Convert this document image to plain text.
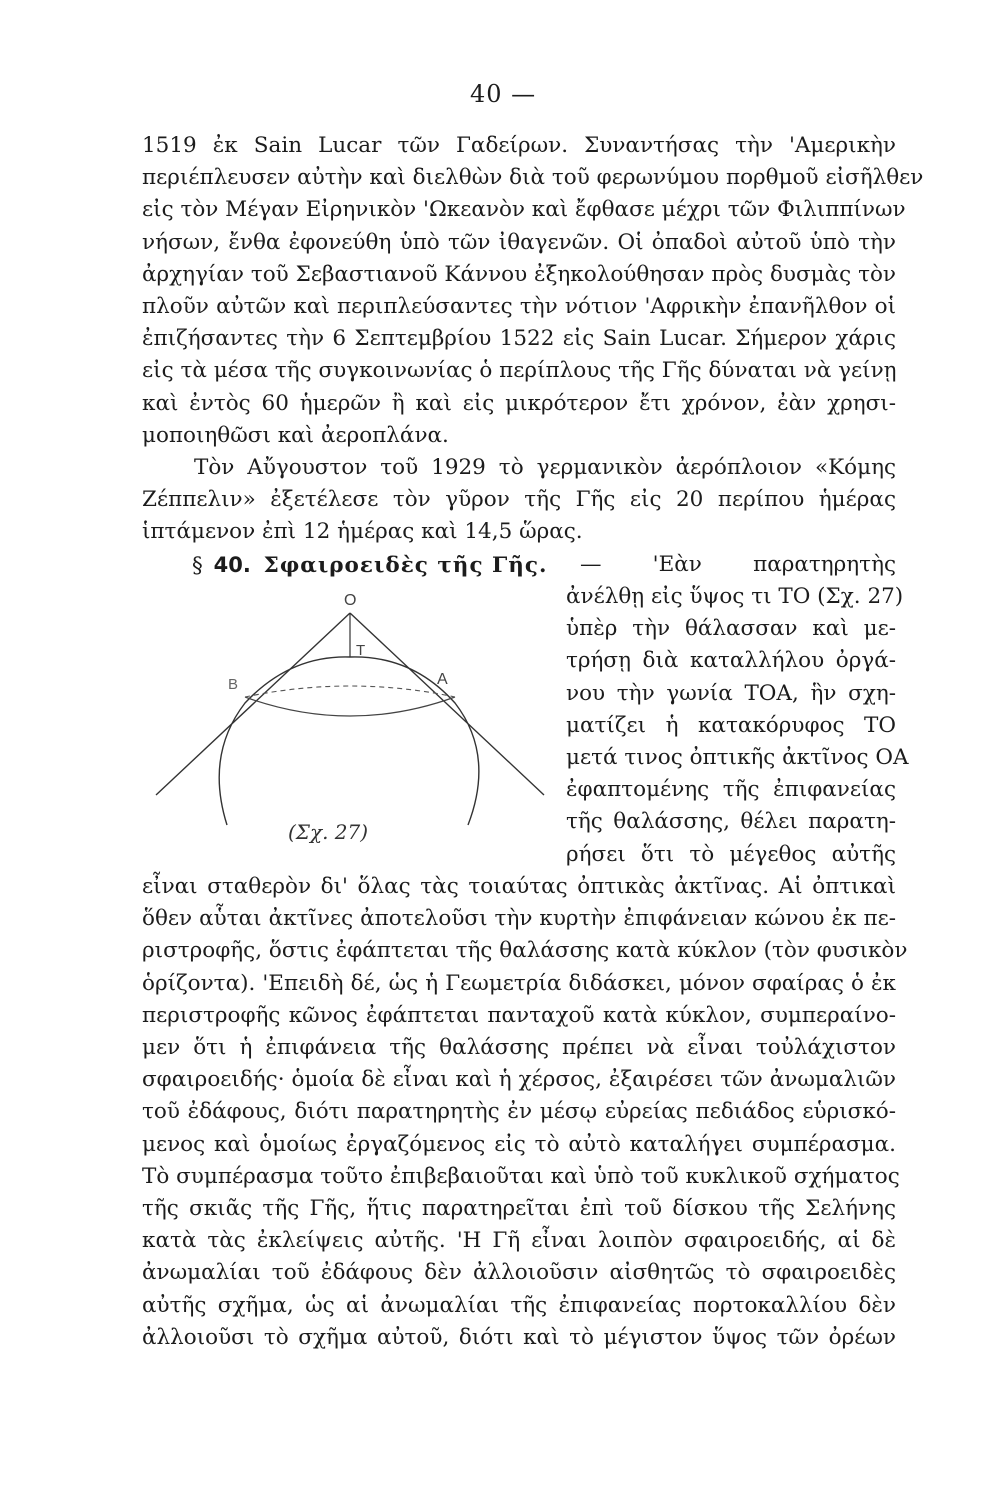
40 —
1519 ἐκ Sain Lucar τῶν Γαδείρων. Συναντήσας τὴν 'Αμερικὴν
περιέπλευσεν αὐτὴν καὶ διελθὼν διὰ τοῦ φερωνύμου πορθμοῦ εἰσῆλθεν
εἰς τὸν Μέγαν Εἰρηνικὸν 'Ωκεανὸν καὶ ἔφθασε μέχρι τῶν Φιλιππίνων
νήσων, ἔνθα ἐφονεύθη ὑπὸ τῶν ἰθαγενῶν. Οἱ ὀπαδοὶ αὐτοῦ ὑπὸ τὴν
ἀρχηγίαν τοῦ Σεβαστιανοῦ Κάννου ἐξηκολούθησαν πρὸς δυσμὰς τὸν
πλοῦν αὐτῶν καὶ περιπλεύσαντες τὴν νότιον 'Αφρικὴν ἐπανῆλθον οἱ
ἐπιζήσαντες τὴν 6 Σεπτεμβρίου 1522 εἰς Sain Lucar. Σήμερον χάρις
εἰς τὰ μέσα τῆς συγκοινωνίας ὁ περίπλους τῆς Γῆς δύναται νὰ γείνῃ
καὶ ἐντὸς 60 ἡμερῶν ἢ καὶ εἰς μικρότερον ἔτι χρόνον, ἐὰν χρησι-
μοποιηθῶσι καὶ ἀεροπλάνα.
Τὸν Αὔγουστον τοῦ 1929 τὸ γερμανικὸν ἀερόπλοιον «Κόμης
Ζέππελιν» ἐξετέλεσε τὸν γῦρον τῆς Γῆς εἰς 20 περίπου ἡμέρας
ἱπτάμενον ἐπὶ 12 ἡμέρας καὶ 14,5 ὥρας.
§ 40. Σφαιροειδὲς τῆς Γῆς. — 'Εὰν παρατηρητὴς
Ο
Τ
Β	Α
(Σχ. 27)
ἀνέλθῃ εἰς ὕψος τι ΤΟ (Σχ. 27)
ὑπὲρ τὴν θάλασσαν καὶ με-
τρήσῃ διὰ καταλλήλου ὀργά-
νου τὴν γωνία ΤΟΑ, ἣν σχη-
ματίζει ἡ κατακόρυφος ΤΟ
μετά τινος ὀπτικῆς ἀκτῖνος ΟΑ
ἐφαπτομένης τῆς ἐπιφανείας
τῆς θαλάσσης, θέλει παρατη-
ρήσει ὅτι τὸ μέγεθος αὐτῆς
εἶναι σταθερὸν δι' ὅλας τὰς τοιαύτας ὀπτικὰς ἀκτῖνας. Αἱ ὀπτικαὶ
ὅθεν αὗται ἀκτῖνες ἀποτελοῦσι τὴν κυρτὴν ἐπιφάνειαν κώνου ἐκ πε-
ριστροφῆς, ὅστις ἐφάπτεται τῆς θαλάσσης κατὰ κύκλον (τὸν φυσικὸν
ὁρίζοντα). 'Επειδὴ δέ, ὡς ἡ Γεωμετρία διδάσκει, μόνον σφαίρας ὁ ἐκ
περιστροφῆς κῶνος ἐφάπτεται πανταχοῦ κατὰ κύκλον, συμπεραίνο-
μεν ὅτι ἡ ἐπιφάνεια τῆς θαλάσσης πρέπει νὰ εἶναι τοὐλάχιστον
σφαιροειδής· ὁμοία δὲ εἶναι καὶ ἡ χέρσος, ἐξαιρέσει τῶν ἀνωμαλιῶν
τοῦ ἐδάφους, διότι παρατηρητὴς ἐν μέσῳ εὐρείας πεδιάδος εὑρισκό-
μενος καὶ ὁμοίως ἐργαζόμενος εἰς τὸ αὐτὸ καταλήγει συμπέρασμα.
Τὸ συμπέρασμα τοῦτο ἐπιβεβαιοῦται καὶ ὑπὸ τοῦ κυκλικοῦ σχήματος
τῆς σκιᾶς τῆς Γῆς, ἥτις παρατηρεῖται ἐπὶ τοῦ δίσκου τῆς Σελήνης
κατὰ τὰς ἐκλείψεις αὐτῆς. 'Η Γῆ εἶναι λοιπὸν σφαιροειδής, αἱ δὲ
ἀνωμαλίαι τοῦ ἐδάφους δὲν ἀλλοιοῦσιν αἰσθητῶς τὸ σφαιροειδὲς
αὐτῆς σχῆμα, ὡς αἱ ἀνωμαλίαι τῆς ἐπιφανείας πορτοκαλλίου δὲν
ἀλλοιοῦσι τὸ σχῆμα αὐτοῦ, διότι καὶ τὸ μέγιστον ὕψος τῶν ὀρέων
